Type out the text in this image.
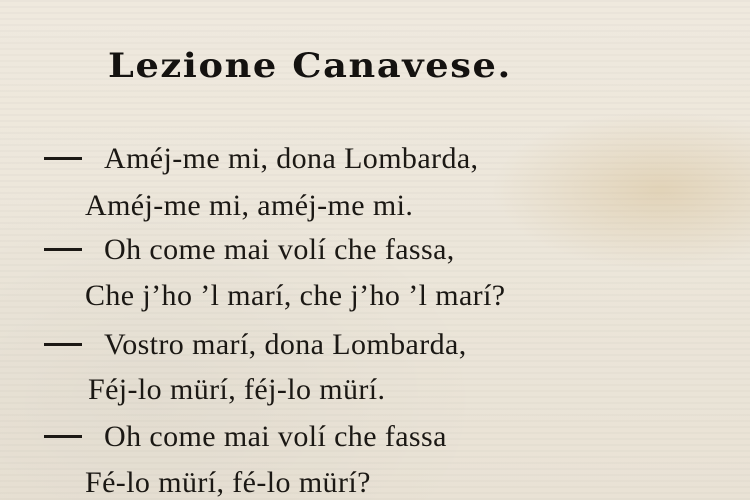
Lezione Canavese.
Améj-me mi, dona Lombarda,
Améj-me mi, améj-me mi.
Oh come mai volí che fassa,
Che j’ho ’l marí, che j’ho ’l marí?
Vostro marí, dona Lombarda,
Féj-lo mürí, féj-lo mürí.
Oh come mai volí che fassa
Fé-lo mürí, fé-lo mürí?
